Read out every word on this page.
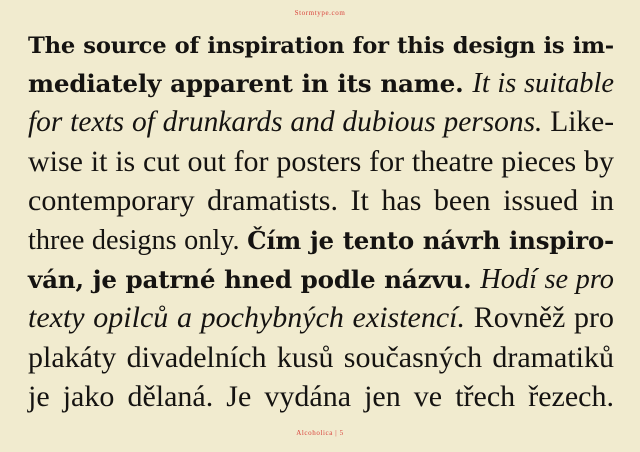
Stormtype.com
The source of inspiration for this design is im-
mediately apparent in its name. It is suitable
for texts of drunkards and dubious persons. Like-
wise it is cut out for posters for theatre pieces by
contemporary dramatists. It has been issued in
three designs only. Čím je tento návrh inspiro-
ván, je patrné hned podle názvu. Hodí se pro
texty opilců a pochybných existencí. Rovněž pro
plakáty divadelních kusů současných dramatiků
je jako dělaná. Je vydána jen ve třech řezech.
Alcoholica | 5
